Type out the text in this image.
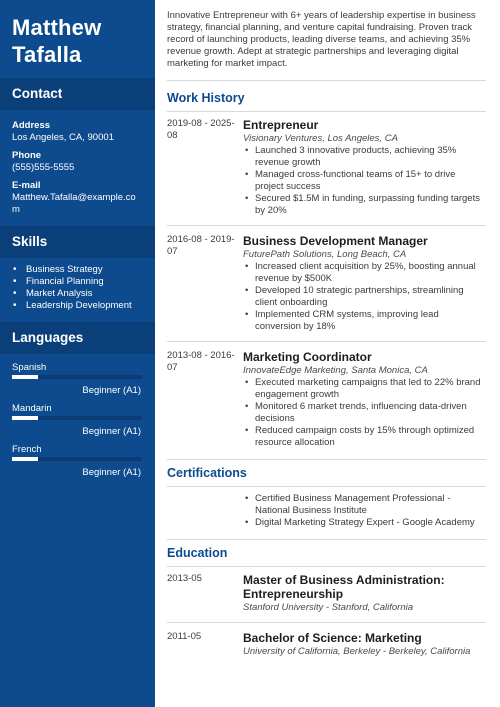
Matthew
Tafalla
Contact
Address
Los Angeles, CA, 90001
Phone
(555)555-5555
E-mail
Matthew.Tafalla@example.com
Skills
• Business Strategy
• Financial Planning
• Market Analysis
• Leadership Development
Languages
Spanish
Beginner (A1)
Mandarin
Beginner (A1)
French
Beginner (A1)
Innovative Entrepreneur with 6+ years of leadership expertise in business strategy, financial planning, and venture capital fundraising. Proven track record of launching products, leading diverse teams, and achieving 35% revenue growth. Adept at strategic partnerships and leveraging digital marketing for market impact.
Work History
2019-08 - 2025-08
Entrepreneur
Visionary Ventures, Los Angeles, CA
• Launched 3 innovative products, achieving 35% revenue growth
• Managed cross-functional teams of 15+ to drive project success
• Secured $1.5M in funding, surpassing funding targets by 20%
2016-08 - 2019-07
Business Development Manager
FuturePath Solutions, Long Beach, CA
• Increased client acquisition by 25%, boosting annual revenue by $500K
• Developed 10 strategic partnerships, streamlining client onboarding
• Implemented CRM systems, improving lead conversion by 18%
2013-08 - 2016-07
Marketing Coordinator
InnovateEdge Marketing, Santa Monica, CA
• Executed marketing campaigns that led to 22% brand engagement growth
• Monitored 6 market trends, influencing data-driven decisions
• Reduced campaign costs by 15% through optimized resource allocation
Certifications
• Certified Business Management Professional - National Business Institute
• Digital Marketing Strategy Expert - Google Academy
Education
2013-05	Master of Business Administration: Entrepreneurship
Stanford University - Stanford, California
2011-05	Bachelor of Science: Marketing
University of California, Berkeley - Berkeley, California
